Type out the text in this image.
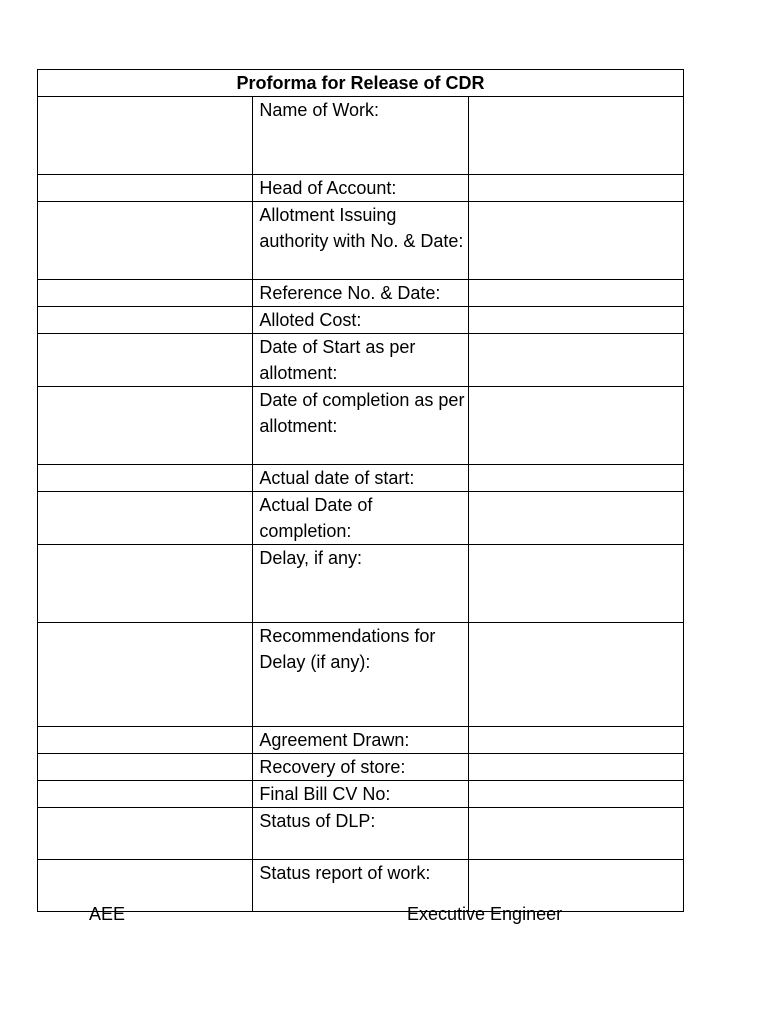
Proforma for Release of CDR		

	Name of Work:	

	Head of Account:	

	Allotment Issuing authority with No. & Date:	

	Reference No. & Date:	

	Alloted Cost:	

	Date of Start as per allotment:	

	Date of completion as per allotment:	

	Actual date of start:	

	Actual Date of completion:	

	Delay, if any:	

	Recommendations for Delay (if any):	

	Agreement Drawn:	

	Recovery of store:	

	Final Bill CV No:	

	Status of DLP:	

	Status report of work:	

AEE	Executive Engineer
